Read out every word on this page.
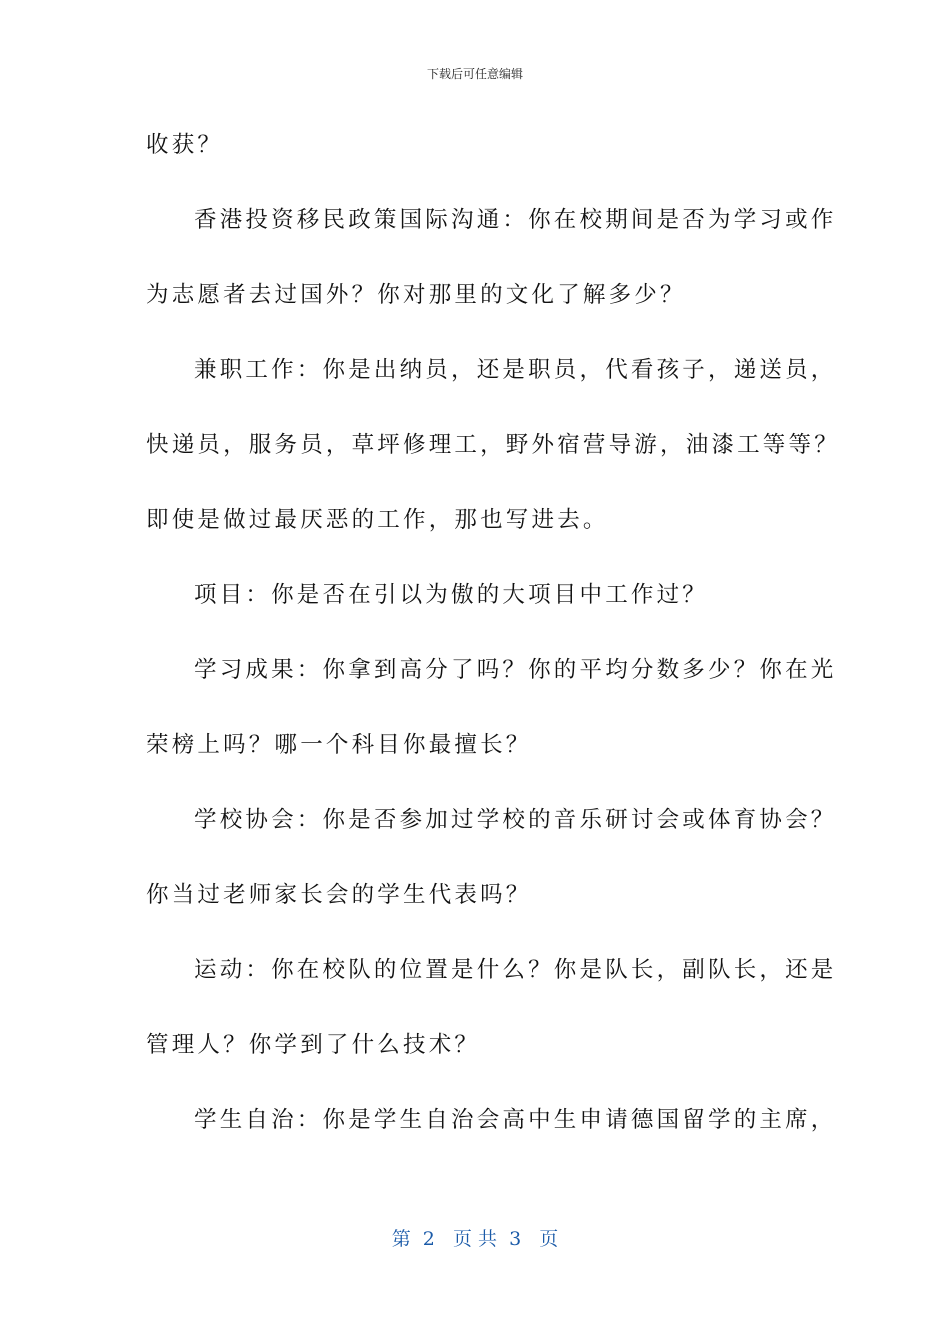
下载后可任意编辑
收获？
香港投资移民政策国际沟通：你在校期间是否为学习或作
为志愿者去过国外？你对那里的文化了解多少？
兼职工作：你是出纳员，还是职员，代看孩子，递送员，
快递员，服务员，草坪修理工，野外宿营导游，油漆工等等？
即使是做过最厌恶的工作，那也写进去。
项目：你是否在引以为傲的大项目中工作过？
学习成果：你拿到高分了吗？你的平均分数多少？你在光
荣榜上吗？哪一个科目你最擅长？
学校协会：你是否参加过学校的音乐研讨会或体育协会？
你当过老师家长会的学生代表吗？
运动：你在校队的位置是什么？你是队长，副队长，还是
管理人？你学到了什么技术？
学生自治：你是学生自治会高中生申请德国留学的主席，
第  2   页 共  3   页
